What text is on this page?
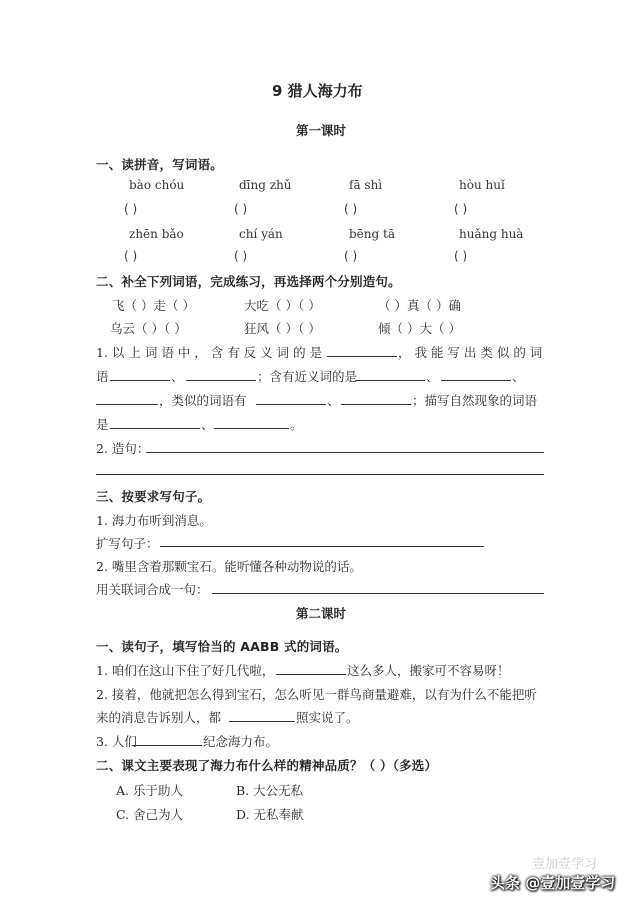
9 猎人海力布
第一课时
一、读拼音，写词语。
bào chóu	dīng zhǔ	fā shì	hòu huǐ
( )	( )	( )	( )
zhēn bǎo	chí yán	bēng tā	huǎng huà
( )	( )	( )	( )
二、补全下列词语，完成练习，再选择两个分别造句。
飞（ ）走（ ）	大吃（ ）（ ）	（ ）真（ ）确
乌云（ ）（ ）	狂风（ ）（ ）	倾（ ）大（ ）
1. 以 上 词 语 中 ， 含 有 反 义 词 的 是	， 我 能 写 出 类 似 的 词
语	、	；含有近义词的是	、	、
，类似的词语有	、	；描写自然现象的词语
是	、	。
2. 造句：
三、按要求写句子。
1. 海力布听到消息。
扩写句子：
2. 嘴里含着那颗宝石。能听懂各种动物说的话。
用关联词合成一句：
第二课时
一、读句子，填写恰当的 AABB 式的词语。
1. 咱们在这山下住了好几代啦，	这么多人，搬家可不容易呀！
2. 接着，他就把怎么得到宝石，怎么听见一群鸟商量避难，以有为什么不能把听
来的消息告诉别人，都	照实说了。
3. 人们	纪念海力布。
二、课文主要表现了海力布什么样的精神品质？（ ）（多选）
A. 乐于助人	B. 大公无私
C. 舍己为人	D. 无私奉献
壹加壹学习
头条 @壹加壹学习
